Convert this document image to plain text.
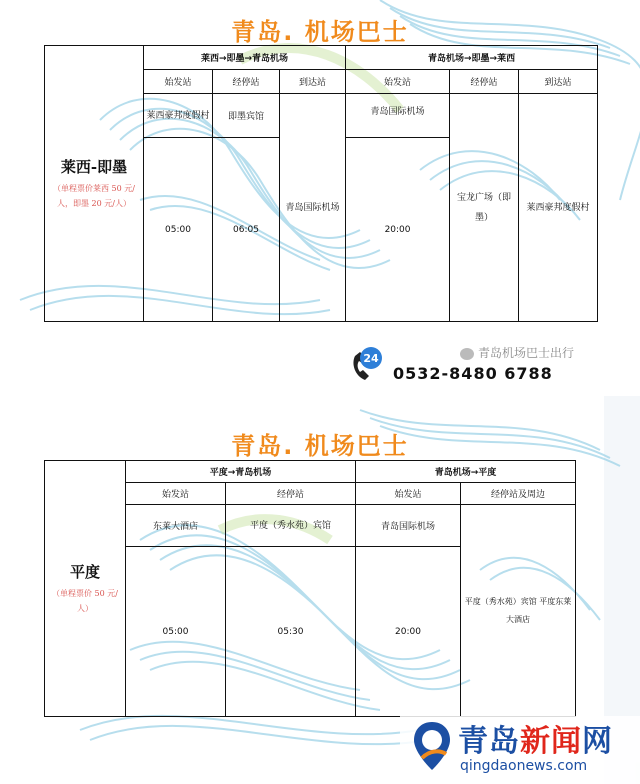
青岛. 机场巴士
莱西-即墨
（单程票价莱西 50 元/人，即墨 20 元/人）	莱西→即墨→青岛机场			青岛机场→即墨→莱西		
	始发站	经停站	到达站	始发站	经停站	到达站
	莱西豪邦度假村	即墨宾馆	青岛国际机场	青岛国际机场	宝龙广场（即墨）	莱西豪邦度假村
	05:00	06:05		20:00		
24
0532-8480 6788
青岛机场巴士出行
青岛. 机场巴士
平度
（单程票价 50 元/人）	平度→青岛机场		青岛机场→平度	
	始发站	经停站	始发站	经停站及周边
	东莱大酒店	平度（秀水苑）宾馆	青岛国际机场	平度（秀水苑）宾馆 平度东莱大酒店
	05:00	05:30	20:00	
青岛新闻网
qingdaonews.com
